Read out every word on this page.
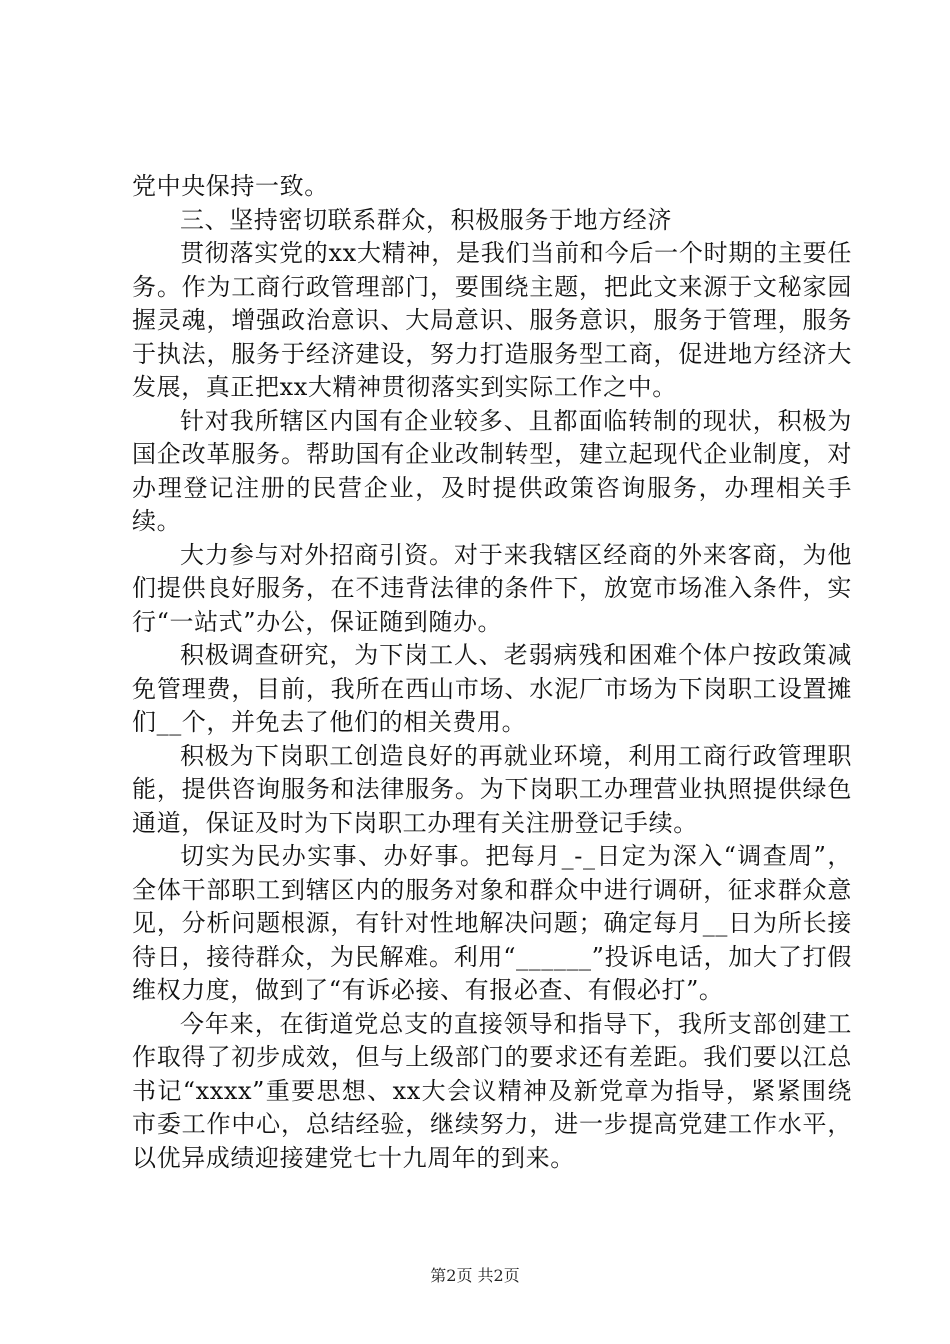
党中央保持一致。

三、坚持密切联系群众，积极服务于地方经济

贯彻落实党的xx大精神，是我们当前和今后一个时期的主要任务。作为工商行政管理部门，要围绕主题，把此文来源于文秘家园握灵魂，增强政治意识、大局意识、服务意识，服务于管理，服务于执法，服务于经济建设，努力打造服务型工商，促进地方经济大发展，真正把xx大精神贯彻落实到实际工作之中。

针对我所辖区内国有企业较多、且都面临转制的现状，积极为国企改革服务。帮助国有企业改制转型，建立起现代企业制度，对办理登记注册的民营企业，及时提供政策咨询服务，办理相关手续。

大力参与对外招商引资。对于来我辖区经商的外来客商，为他们提供良好服务，在不违背法律的条件下，放宽市场准入条件，实行“一站式”办公，保证随到随办。

积极调查研究，为下岗工人、老弱病残和困难个体户按政策减免管理费，目前，我所在西山市场、水泥厂市场为下岗职工设置摊们__个，并免去了他们的相关费用。

积极为下岗职工创造良好的再就业环境，利用工商行政管理职能，提供咨询服务和法律服务。为下岗职工办理营业执照提供绿色通道，保证及时为下岗职工办理有关注册登记手续。

切实为民办实事、办好事。把每月_-_日定为深入“调查周”，全体干部职工到辖区内的服务对象和群众中进行调研，征求群众意见，分析问题根源，有针对性地解决问题；确定每月__日为所长接待日，接待群众，为民解难。利用“______”投诉电话，加大了打假维权力度，做到了“有诉必接、有报必查、有假必打”。

今年来，在街道党总支的直接领导和指导下，我所支部创建工作取得了初步成效，但与上级部门的要求还有差距。我们要以江总书记“xxxx”重要思想、xx大会议精神及新党章为指导，紧紧围绕市委工作中心，总结经验，继续努力，进一步提高党建工作水平，以优异成绩迎接建党七十九周年的到来。

第2页 共2页
